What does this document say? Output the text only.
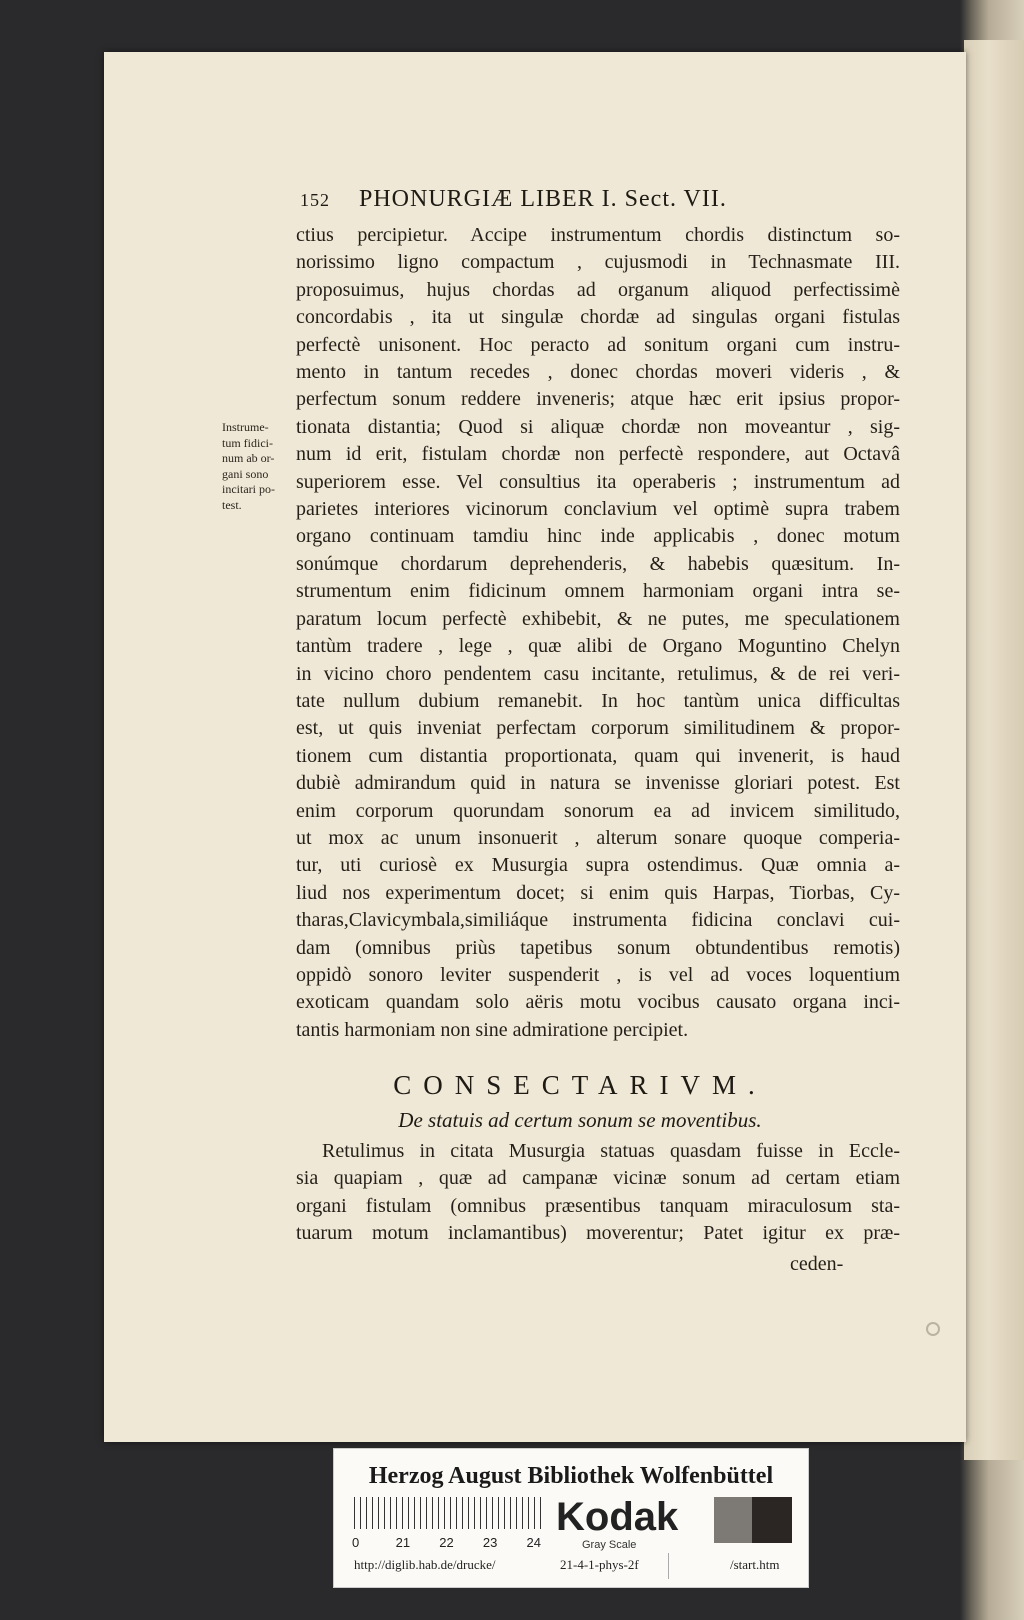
152 PHONURGIÆ LIBER I. Sect. VII.
Instrume-
tum fidici-
num ab or-
gani sono
incitari po-
test.
ctius percipietur. Accipe instrumentum chordis distinctum so-
norissimo ligno compactum , cujusmodi in Technasmate III.
proposuimus, hujus chordas ad organum aliquod perfectissimè
concordabis , ita ut singulæ chordæ ad singulas organi fistulas
perfectè unisonent. Hoc peracto ad sonitum organi cum instru-
mento in tantum recedes , donec chordas moveri videris , &
perfectum sonum reddere inveneris; atque hæc erit ipsius propor-
tionata distantia; Quod si aliquæ chordæ non moveantur , sig-
num id erit, fistulam chordæ non perfectè respondere, aut Octavâ
superiorem esse. Vel consultius ita operaberis ; instrumentum ad
parietes interiores vicinorum conclavium vel optimè supra trabem
organo continuam tamdiu hinc inde applicabis , donec motum
sonúmque chordarum deprehenderis, & habebis quæsitum. In-
strumentum enim fidicinum omnem harmoniam organi intra se-
paratum locum perfectè exhibebit, & ne putes, me speculationem
tantùm tradere , lege , quæ alibi de Organo Moguntino Chelyn
in vicino choro pendentem casu incitante, retulimus, & de rei veri-
tate nullum dubium remanebit. In hoc tantùm unica difficultas
est, ut quis inveniat perfectam corporum similitudinem & propor-
tionem cum distantia proportionata, quam qui invenerit, is haud
dubiè admirandum quid in natura se invenisse gloriari potest. Est
enim corporum quorundam sonorum ea ad invicem similitudo,
ut mox ac unum insonuerit , alterum sonare quoque comperia-
tur, uti curiosè ex Musurgia supra ostendimus. Quæ omnia a-
liud nos experimentum docet; si enim quis Harpas, Tiorbas, Cy-
tharas,Clavicymbala,similiáque instrumenta fidicina conclavi cui-
dam (omnibus priùs tapetibus sonum obtundentibus remotis)
oppidò sonoro leviter suspenderit , is vel ad voces loquentium
exoticam quandam solo aëris motu vocibus causato organa inci-
tantis harmoniam non sine admiratione percipiet.
CONSECTARIVM.
De statuis ad certum sonum se moventibus.
Retulimus in citata Musurgia statuas quasdam fuisse in Eccle-
sia quapiam , quæ ad campanæ vicinæ sonum ad certam etiam
organi fistulam (omnibus præsentibus tanquam miraculosum sta-
tuarum motum inclamantibus) moverentur; Patet igitur ex præ-
ceden-
Herzog August Bibliothek Wolfenbüttel
0	21 22 23 24
Kodak
Gray Scale
http://diglib.hab.de/drucke/	21-4-1-phys-2f	/start.htm
